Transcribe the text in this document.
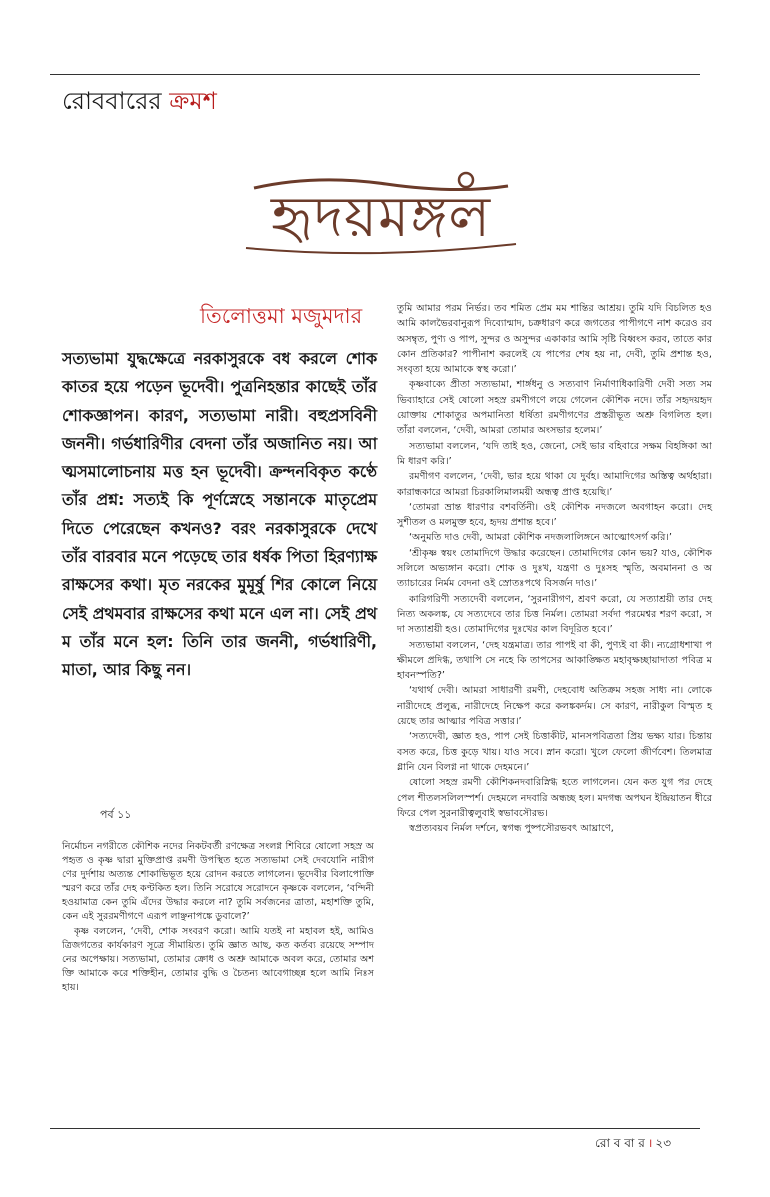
রোববারের ক্রমশ
হৃদয়মঙ্গল
তিলোত্তমা মজুমদার
সত্যভামা যুদ্ধক্ষেত্রে নরকাসুরকে বধ করলে শোককাতর হয়ে পড়েন ভূদেবী। পুত্রনিহন্তার কাছেই তাঁর শোকজ্ঞাপন। কারণ, সত্যভামা নারী। বহুপ্রসবিনী জননী। গর্ভধারিণীর বেদনা তাঁর অজানিত নয়। আত্মসমালোচনায় মত্ত হন ভূদেবী। ক্রন্দনবিকৃত কণ্ঠে তাঁর প্রশ্ন: সত্যই কি পূর্ণস্নেহে সন্তানকে মাতৃপ্রেম দিতে পেরেছেন কখনও? বরং নরকাসুরকে দেখে তাঁর বারবার মনে পড়েছে তার ধর্ষক পিতা হিরণ্যাক্ষ রাক্ষসের কথা। মৃত নরকের মুমূর্ষু শির কোলে নিয়ে সেই প্রথমবার রাক্ষসের কথা মনে এল না। সেই প্রথম তাঁর মনে হল: তিনি তার জননী, গর্ভধারিণী, মাতা, আর কিছু নন।
পর্ব ১১

নির্মোচন নগরীতে কৌশিক নদের নিকটবর্তী রণক্ষেত্র সংলগ্ন শিবিরে ষোলো সহস্র অপহৃত ও কৃষ্ণ দ্বারা মুক্তিপ্রাপ্ত রমণী উপস্থিত হতে সত্যভামা সেই দেবযোনি নারীগণের দুর্দশায় অত্যন্ত শোকাভিভূত হয়ে রোদন করতে লাগলেন। ভূদেবীর বিলাপোক্তি স্মরণ করে তাঁর দেহ কণ্টকিত হল। তিনি সরোষে সরোদনে কৃষ্ণকে বললেন, ‘বন্দিনী হওয়ামাত্র কেন তুমি এঁদের উদ্ধার করলে না? তুমি সর্বজনের ত্রাতা, মহাশক্তি তুমি, কেন এই সুররমণীগণে এরূপ লাঞ্ছনাপঙ্কে ডুবালে?’

কৃষ্ণ বললেন, ‘দেবী, শোক সংবরণ করো। আমি যতই না মহাবল হই, আমিও ত্রিজগতের কার্যকারণ সূত্রে সীমায়িত। তুমি জ্ঞাত আছ, কত কর্তব্য রয়েছে সম্পাদনের অপেক্ষায়। সত্যভামা, তোমার ক্রোধ ও অশ্রু আমাকে অবল করে, তোমার অশক্তি আমাকে করে শক্তিহীন, তোমার বুদ্ধি ও চৈতন্য আবেগাচ্ছন্ন হলে আমি নিঃসহায়।

তুমি আমার পরম নির্ভর। তব শমিত প্রেম মম শান্তির আশ্রয়। তুমি যদি বিচলিত হও আমি কালভৈরবানুরূপ দিব্যোন্মাদ, চক্রধারণ করে জগতের পাপীগণে নাশ করেও রব অসম্বৃত, পুণ্য ও পাপ, সুন্দর ও অসুন্দর একাকার আমি সৃষ্টি বিধ্বংস করব, তাতে কার কোন প্রতিকার? পাপীনাশ করলেই যে পাপের শেষ হয় না, দেবী, তুমি প্রশান্ত হও, সংবৃতা হয়ে আমাকে স্বস্থ করো।’

কৃষ্ণবাক্যে প্রীতা সত্যভামা, শার্ঙ্গধনু ও সত্যবাণ নির্মাণাধিকারিণী দেবী সত্য সমভিব্যাহারে সেই ষোলো সহস্র রমণীগণে লয়ে গেলেন কৌশিক নদে। তাঁর সহৃদয়হৃদয়োক্তায় শোকাতুর অপমানিতা ধর্ষিতা রমণীগণের প্রস্তরীভূত অশ্রু বিগলিত হল। তাঁরা বললেন, ‘দেবী, আমরা তোমার অংসভার হলেম।’

সত্যভামা বললেন, ‘যদি তাই হও, জেনো, সেই ভার বহিবারে সক্ষম বিহঙ্গিকা আমি ধারণ করি।’

রমণীগণ বললেন, ‘দেবী, ভার হয়ে থাকা যে দুর্বহ। আমাদিগের অস্তিত্ব অর্থহারা। কারান্ধকারে আমরা চিরকালিমালময়ী অন্ধত্ব প্রাপ্ত হয়েছি।’

‘তোমরা ভ্রান্ত ধারণার বশবর্তিনী। ওই কৌশিক নদজলে অবগাহন করো। দেহ সুশীতল ও মলমুক্ত হবে, হৃদয় প্রশান্ত হবে।’

‘অনুমতি দাও দেবী, আমরা কৌশিক নদজলালিঙ্গনে আত্মোৎসর্গ করি।’

‘শ্রীকৃষ্ণ স্বয়ং তোমাদিগে উদ্ধার করেছেন। তোমাদিগের কোন ভয়? যাও, কৌশিকসলিলে অভ্যঙ্গান করো। শোক ও দুঃখ, যন্ত্রণা ও দুঃসহ স্মৃতি, অবমাননা ও অত্যাচারের নির্মম বেদনা ওই স্রোতঃপথে বিসর্জন দাও।’

কারিগরিণী সত্যদেবী বললেন, ‘সুরনারীগণ, শ্রবণ করো, যে সত্যাশ্রয়ী তার দেহ নিত্য অকলঙ্ক, যে সত্যদেবে তার চিত্ত নির্মল। তোমরা সর্বদা পরমেশ্বর শরণ করো, সদা সত্যাশ্রয়ী হও। তোমাদিগের দুঃখের কাল বিদূরিত হবে।’

সত্যভামা বললেন, ‘দেহ যন্ত্রমাত্র। তার পাপই বা কী, পুণ্যই বা কী। ন্যগ্রোধশাখা পক্ষীমলে প্রদিগ্ধ, তথাপি সে নহে কি তাপসের আকাঙ্ক্ষিত মহাবৃক্ষচ্ছায়াদাতা পবিত্র মহাবনস্পতি?’

‘যথার্থ দেবী। আমরা সাধারণী রমণী, দেহবোধ অতিক্রম সহজ সাধ্য না। লোকে নারীদেহে প্রলুব্ধ, নারীদেহে নিক্ষেপ করে কলঙ্ককর্দম। সে কারণ, নারীকুল বিস্মৃত হয়েছে তার আত্মার পবিত্র সত্তার।’

‘সত্যদেবী, জ্ঞাত হও, পাপ সেই চিত্তাকীট, মানসপবিত্রতা প্রিয় ভক্ষ্য যার। চিন্তায় বসত করে, চিত্ত কুড়ে খায়। যাও সবে। স্নান করো। খুলে ফেলো জীর্ণবেশ। তিলমাত্র গ্লানি যেন বিলগ্ন না থাকে দেহমনে।’

ষোলো সহস্র রমণী কৌশিকনদবারিস্নিগ্ধ হতে লাগলেন। যেন কত যুগ পর দেহে পেল শীতলসলিলস্পর্শ। দেহমলে নদবারি অন্ধচ্ছ হল। মদগন্ধ অপঘন ইন্দ্রিয়াতন ধীরে ফিরে পেল সুরনারীত্বলুবাই স্বভাবসৌরভ।

স্বপ্রত্যবয়ব নির্মল দর্শনে, স্বগন্ধ পুষ্পসৌরভবৎ আঘ্রাণে,

রো ব বা র । ২৩
